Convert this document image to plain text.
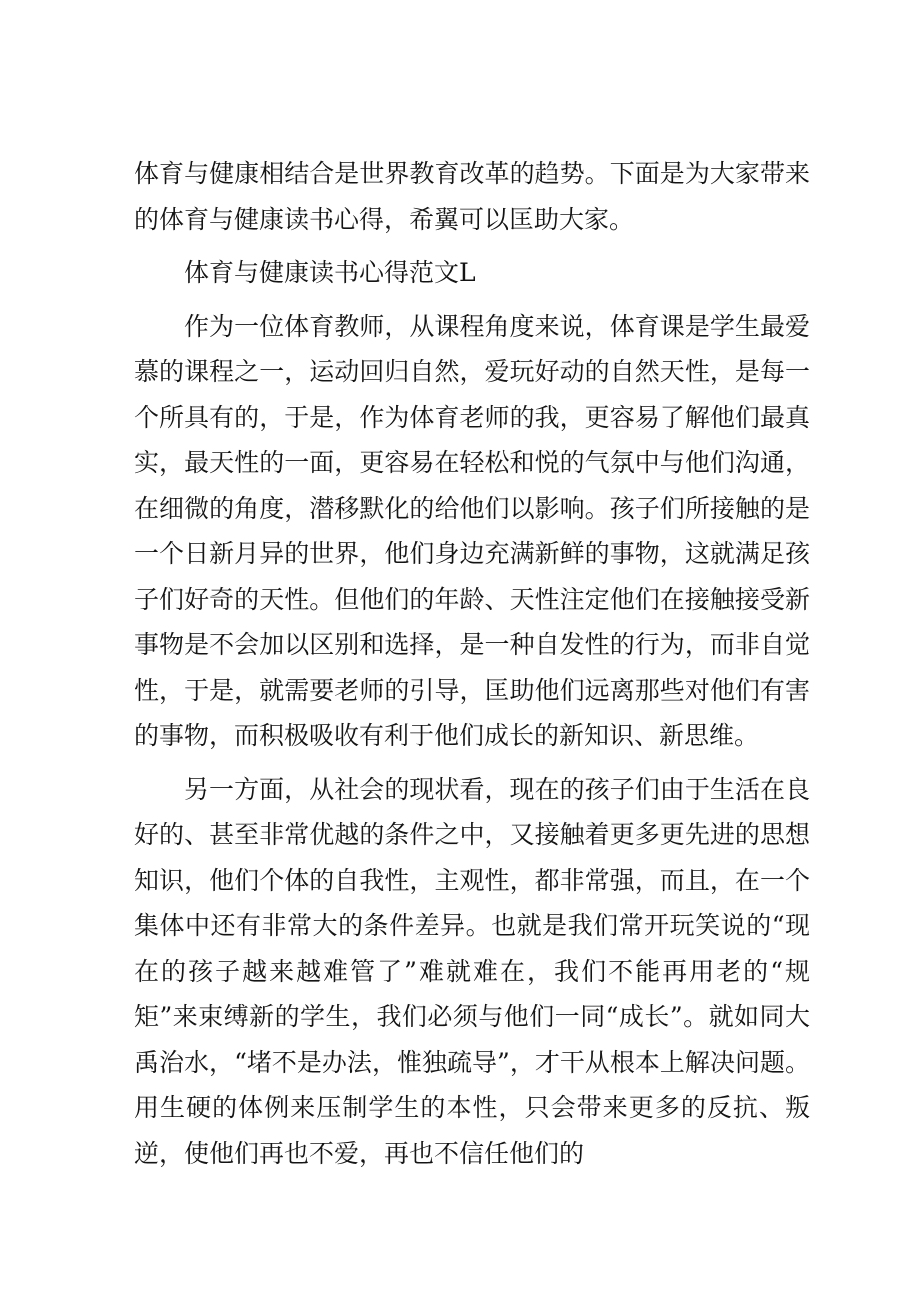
体育与健康相结合是世界教育改革的趋势。下面是为大家带来的体育与健康读书心得，希翼可以匡助大家。

体育与健康读书心得范文L

作为一位体育教师，从课程角度来说，体育课是学生最爱慕的课程之一，运动回归自然，爱玩好动的自然天性，是每一个所具有的，于是，作为体育老师的我，更容易了解他们最真实，最天性的一面，更容易在轻松和悦的气氛中与他们沟通，在细微的角度，潜移默化的给他们以影响。孩子们所接触的是一个日新月异的世界，他们身边充满新鲜的事物，这就满足孩子们好奇的天性。但他们的年龄、天性注定他们在接触接受新事物是不会加以区别和选择，是一种自发性的行为，而非自觉性，于是，就需要老师的引导，匡助他们远离那些对他们有害的事物，而积极吸收有利于他们成长的新知识、新思维。

另一方面，从社会的现状看，现在的孩子们由于生活在良好的、甚至非常优越的条件之中，又接触着更多更先进的思想知识，他们个体的自我性，主观性，都非常强，而且，在一个集体中还有非常大的条件差异。也就是我们常开玩笑说的“现在的孩子越来越难管了”难就难在，我们不能再用老的“规矩”来束缚新的学生，我们必须与他们一同“成长”。就如同大禹治水，“堵不是办法，惟独疏导”，才干从根本上解决问题。用生硬的体例来压制学生的本性，只会带来更多的反抗、叛逆，使他们再也不爱，再也不信任他们的
